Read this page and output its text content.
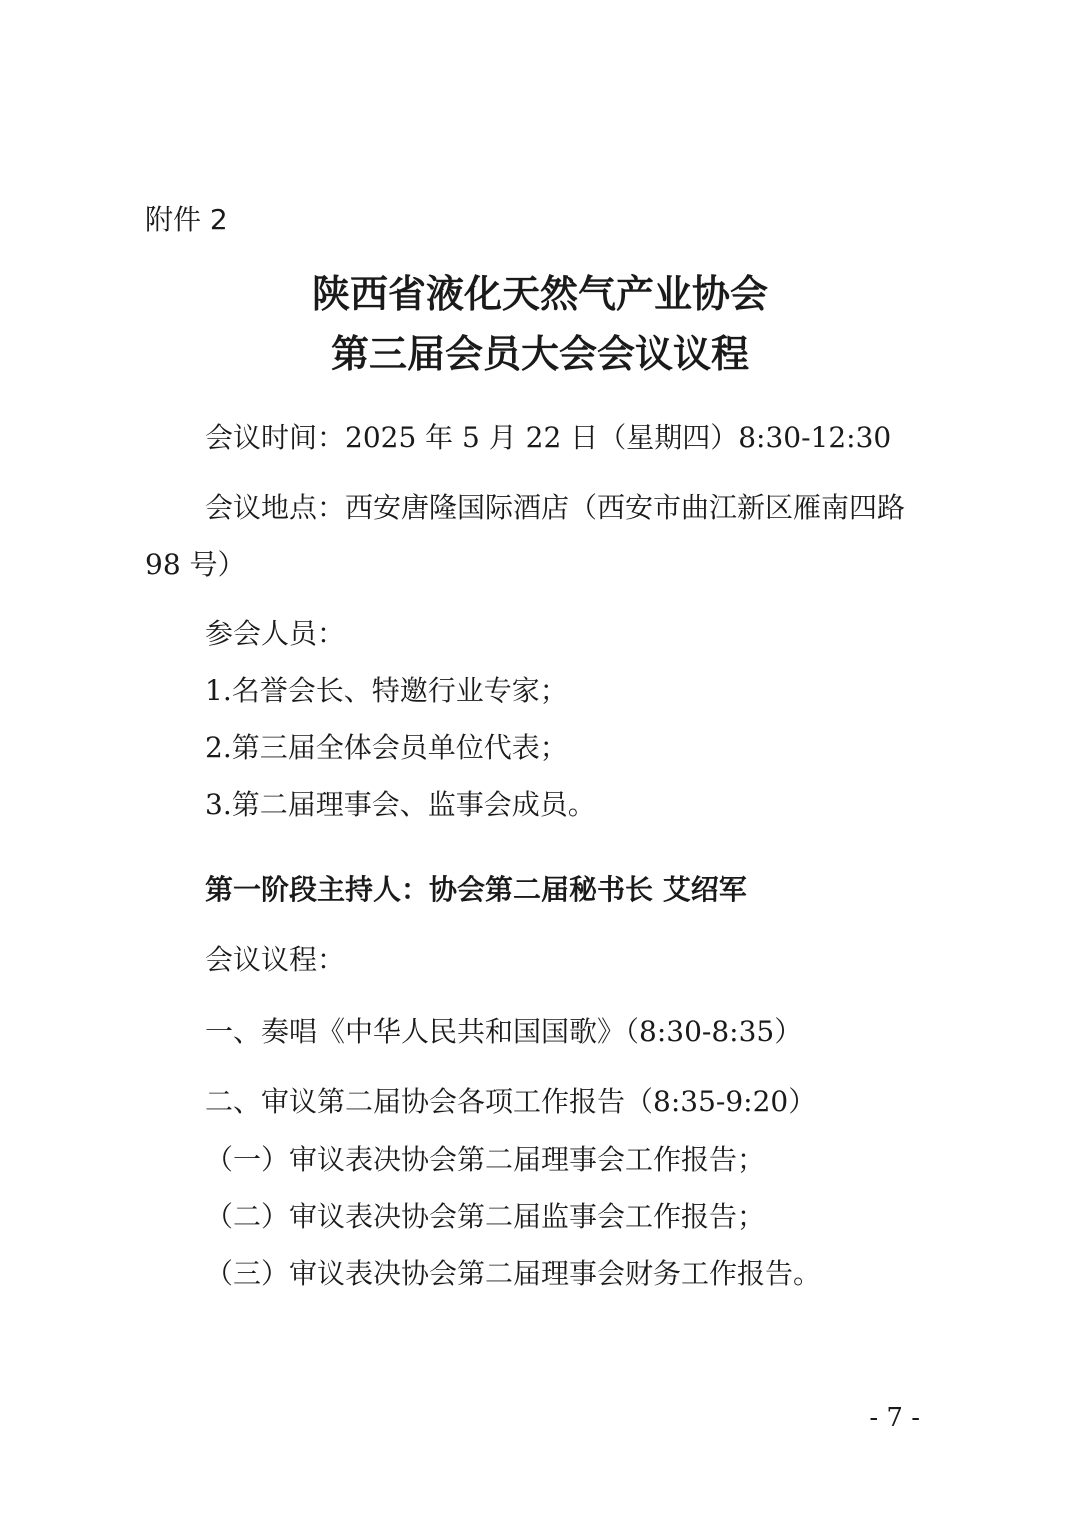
附件 2
陕西省液化天然气产业协会
第三届会员大会会议议程
会议时间：2025 年 5 月 22 日（星期四）8:30-12:30
会议地点：西安唐隆国际酒店（西安市曲江新区雁南四路
98 号）
参会人员：
1.名誉会长、特邀行业专家；
2.第三届全体会员单位代表；
3.第二届理事会、监事会成员。
第一阶段主持人：协会第二届秘书长 艾绍军
会议议程：
一、奏唱《中华人民共和国国歌》（8:30-8:35）
二、审议第二届协会各项工作报告（8:35-9:20）
（一）审议表决协会第二届理事会工作报告；
（二）审议表决协会第二届监事会工作报告；
（三）审议表决协会第二届理事会财务工作报告。
- 7 -
